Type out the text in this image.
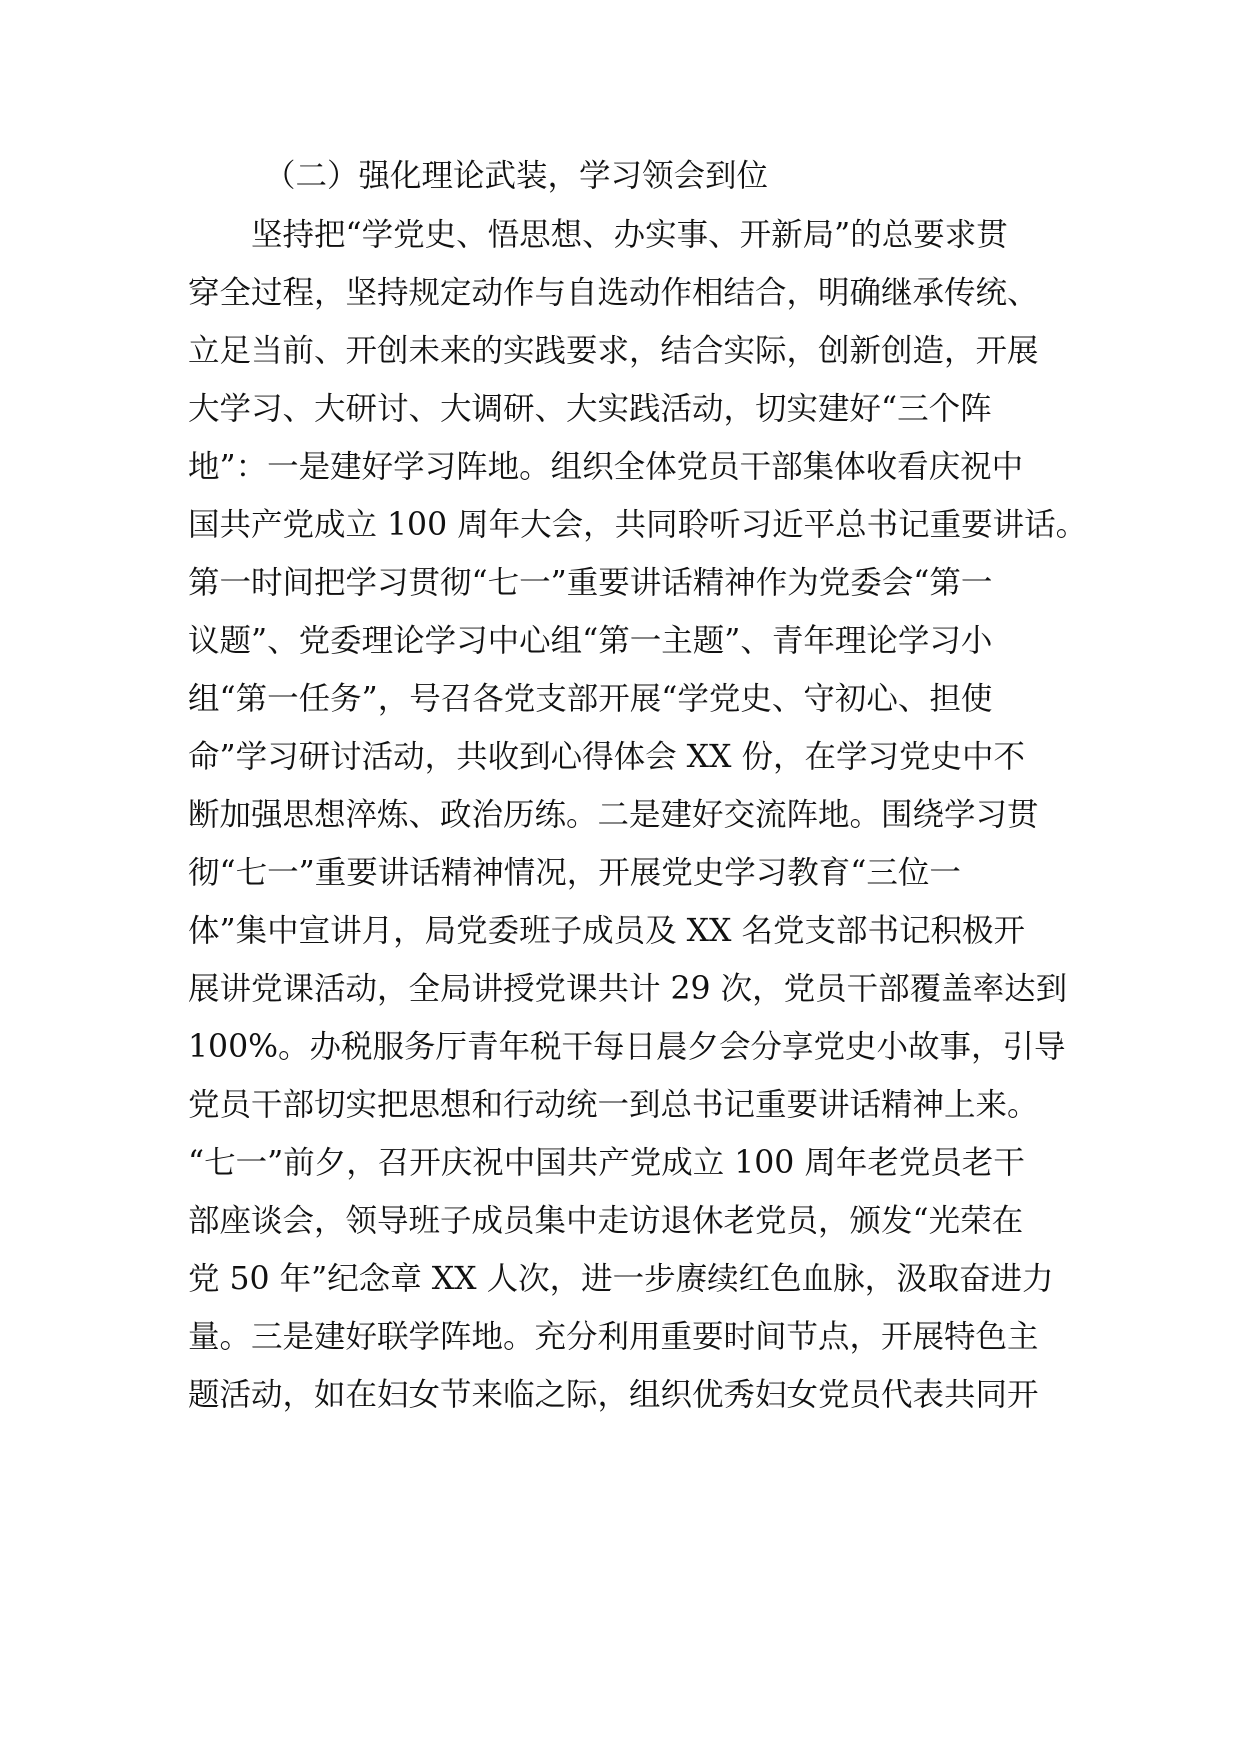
（二）强化理论武装，学习领会到位
　　坚持把“学党史、悟思想、办实事、开新局”的总要求贯
穿全过程，坚持规定动作与自选动作相结合，明确继承传统、
立足当前、开创未来的实践要求，结合实际，创新创造，开展
大学习、大研讨、大调研、大实践活动，切实建好“三个阵
地”：一是建好学习阵地。组织全体党员干部集体收看庆祝中
国共产党成立 100 周年大会，共同聆听习近平总书记重要讲话。
第一时间把学习贯彻“七一”重要讲话精神作为党委会“第一
议题”、党委理论学习中心组“第一主题”、青年理论学习小
组“第一任务”，号召各党支部开展“学党史、守初心、担使
命”学习研讨活动，共收到心得体会 XX 份，在学习党史中不
断加强思想淬炼、政治历练。二是建好交流阵地。围绕学习贯
彻“七一”重要讲话精神情况，开展党史学习教育“三位一
体”集中宣讲月，局党委班子成员及 XX 名党支部书记积极开
展讲党课活动，全局讲授党课共计 29 次，党员干部覆盖率达到
100%。办税服务厅青年税干每日晨夕会分享党史小故事，引导
党员干部切实把思想和行动统一到总书记重要讲话精神上来。
“七一”前夕，召开庆祝中国共产党成立 100 周年老党员老干
部座谈会，领导班子成员集中走访退休老党员，颁发“光荣在
党 50 年”纪念章 XX 人次，进一步赓续红色血脉，汲取奋进力
量。三是建好联学阵地。充分利用重要时间节点，开展特色主
题活动，如在妇女节来临之际，组织优秀妇女党员代表共同开
